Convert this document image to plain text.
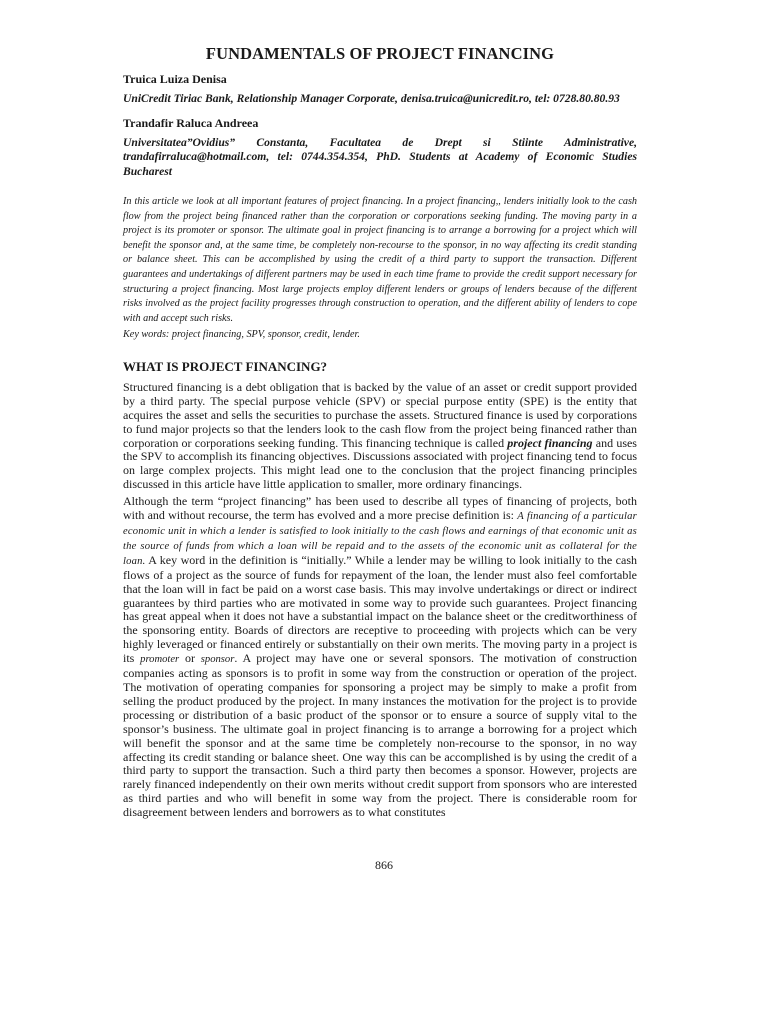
FUNDAMENTALS OF PROJECT FINANCING
Truica Luiza Denisa
UniCredit Tiriac Bank, Relationship Manager Corporate, denisa.truica@unicredit.ro, tel: 0728.80.80.93
Trandafir Raluca Andreea
Universitatea”Ovidius” Constanta, Facultatea de Drept si Stiinte Administrative, trandafirraluca@hotmail.com, tel: 0744.354.354, PhD. Students at Academy of Economic Studies Bucharest

In this article we look at all important features of project financing. In a project financing,, lenders initially look to the cash flow from the project being financed rather than the corporation or corporations seeking funding. The moving party in a project is its promoter or sponsor. The ultimate goal in project financing is to arrange a borrowing for a project which will benefit the sponsor and, at the same time, be completely non-recourse to the sponsor, in no way affecting its credit standing or balance sheet. This can be accomplished by using the credit of a third party to support the transaction. Different guarantees and undertakings of different partners may be used in each time frame to provide the credit support necessary for structuring a project financing. Most large projects employ different lenders or groups of lenders because of the different risks involved as the project facility progresses through construction to operation, and the different ability of lenders to cope with and accept such risks.

Key words: project financing, SPV, sponsor, credit, lender.

WHAT IS PROJECT FINANCING?

Structured financing is a debt obligation that is backed by the value of an asset or credit support provided by a third party. The special purpose vehicle (SPV) or special purpose entity (SPE) is the entity that acquires the asset and sells the securities to purchase the assets. Structured finance is used by corporations to fund major projects so that the lenders look to the cash flow from the project being financed rather than corporation or corporations seeking funding. This financing technique is called project financing and uses the SPV to accomplish its financing objectives. Discussions associated with project financing tend to focus on large complex projects. This might lead one to the conclusion that the project financing principles discussed in this article have little application to smaller, more ordinary financings.

Although the term “project financing” has been used to describe all types of financing of projects, both with and without recourse, the term has evolved and a more precise definition is: A financing of a particular economic unit in which a lender is satisfied to look initially to the cash flows and earnings of that economic unit as the source of funds from which a loan will be repaid and to the assets of the economic unit as collateral for the loan. A key word in the definition is “initially.” While a lender may be willing to look initially to the cash flows of a project as the source of funds for repayment of the loan, the lender must also feel comfortable that the loan will in fact be paid on a worst case basis. This may involve undertakings or direct or indirect guarantees by third parties who are motivated in some way to provide such guarantees. Project financing has great appeal when it does not have a substantial impact on the balance sheet or the creditworthiness of the sponsoring entity. Boards of directors are receptive to proceeding with projects which can be very highly leveraged or financed entirely or substantially on their own merits. The moving party in a project is its promoter or sponsor. A project may have one or several sponsors. The motivation of construction companies acting as sponsors is to profit in some way from the construction or operation of the project. The motivation of operating companies for sponsoring a project may be simply to make a profit from selling the product produced by the project. In many instances the motivation for the project is to provide processing or distribution of a basic product of the sponsor or to ensure a source of supply vital to the sponsor’s business. The ultimate goal in project financing is to arrange a borrowing for a project which will benefit the sponsor and at the same time be completely non-recourse to the sponsor, in no way affecting its credit standing or balance sheet. One way this can be accomplished is by using the credit of a third party to support the transaction. Such a third party then becomes a sponsor. However, projects are rarely financed independently on their own merits without credit support from sponsors who are interested as third parties and who will benefit in some way from the project. There is considerable room for disagreement between lenders and borrowers as to what constitutes

866
